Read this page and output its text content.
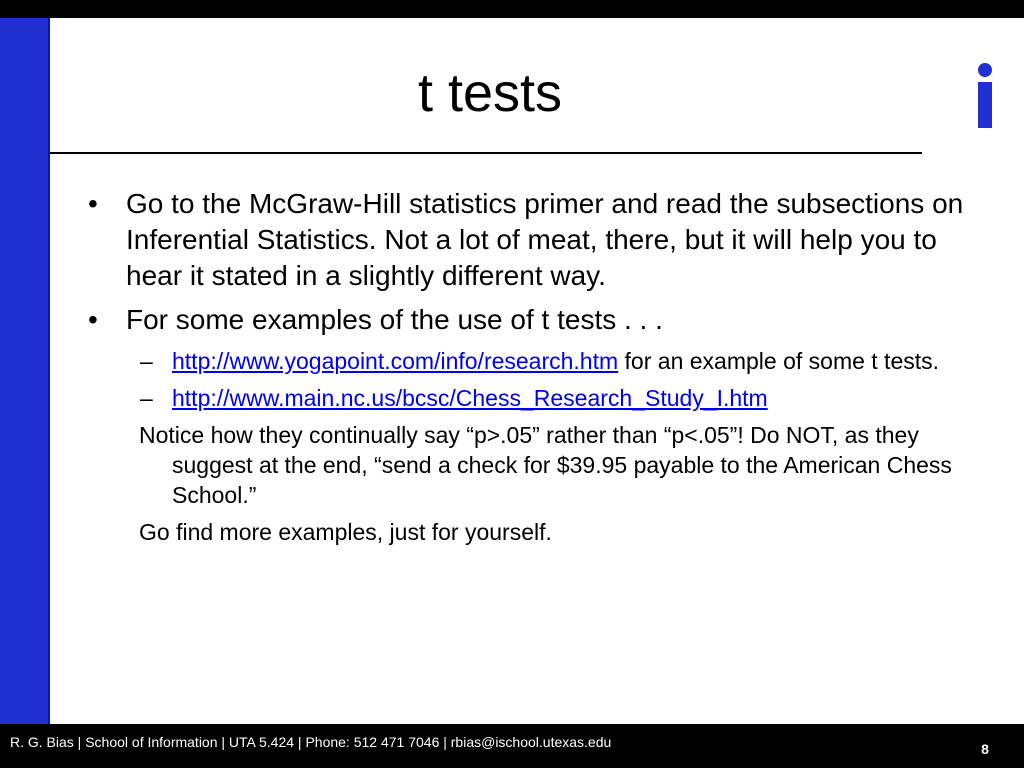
t tests
• Go to the McGraw-Hill statistics primer and read the subsections on Inferential Statistics. Not a lot of meat, there, but it will help you to hear it stated in a slightly different way.
• For some examples of the use of t tests . . .
– http://www.yogapoint.com/info/research.htm for an example of some t tests.
– http://www.main.nc.us/bcsc/Chess_Research_Study_I.htm
Notice how they continually say “p>.05” rather than “p<.05”! Do NOT, as they suggest at the end, “send a check for $39.95 payable to the American Chess School.”
Go find more examples, just for yourself.
R. G. Bias | School of Information | UTA 5.424 | Phone: 512 471 7046 | rbias@ischool.utexas.edu	8
